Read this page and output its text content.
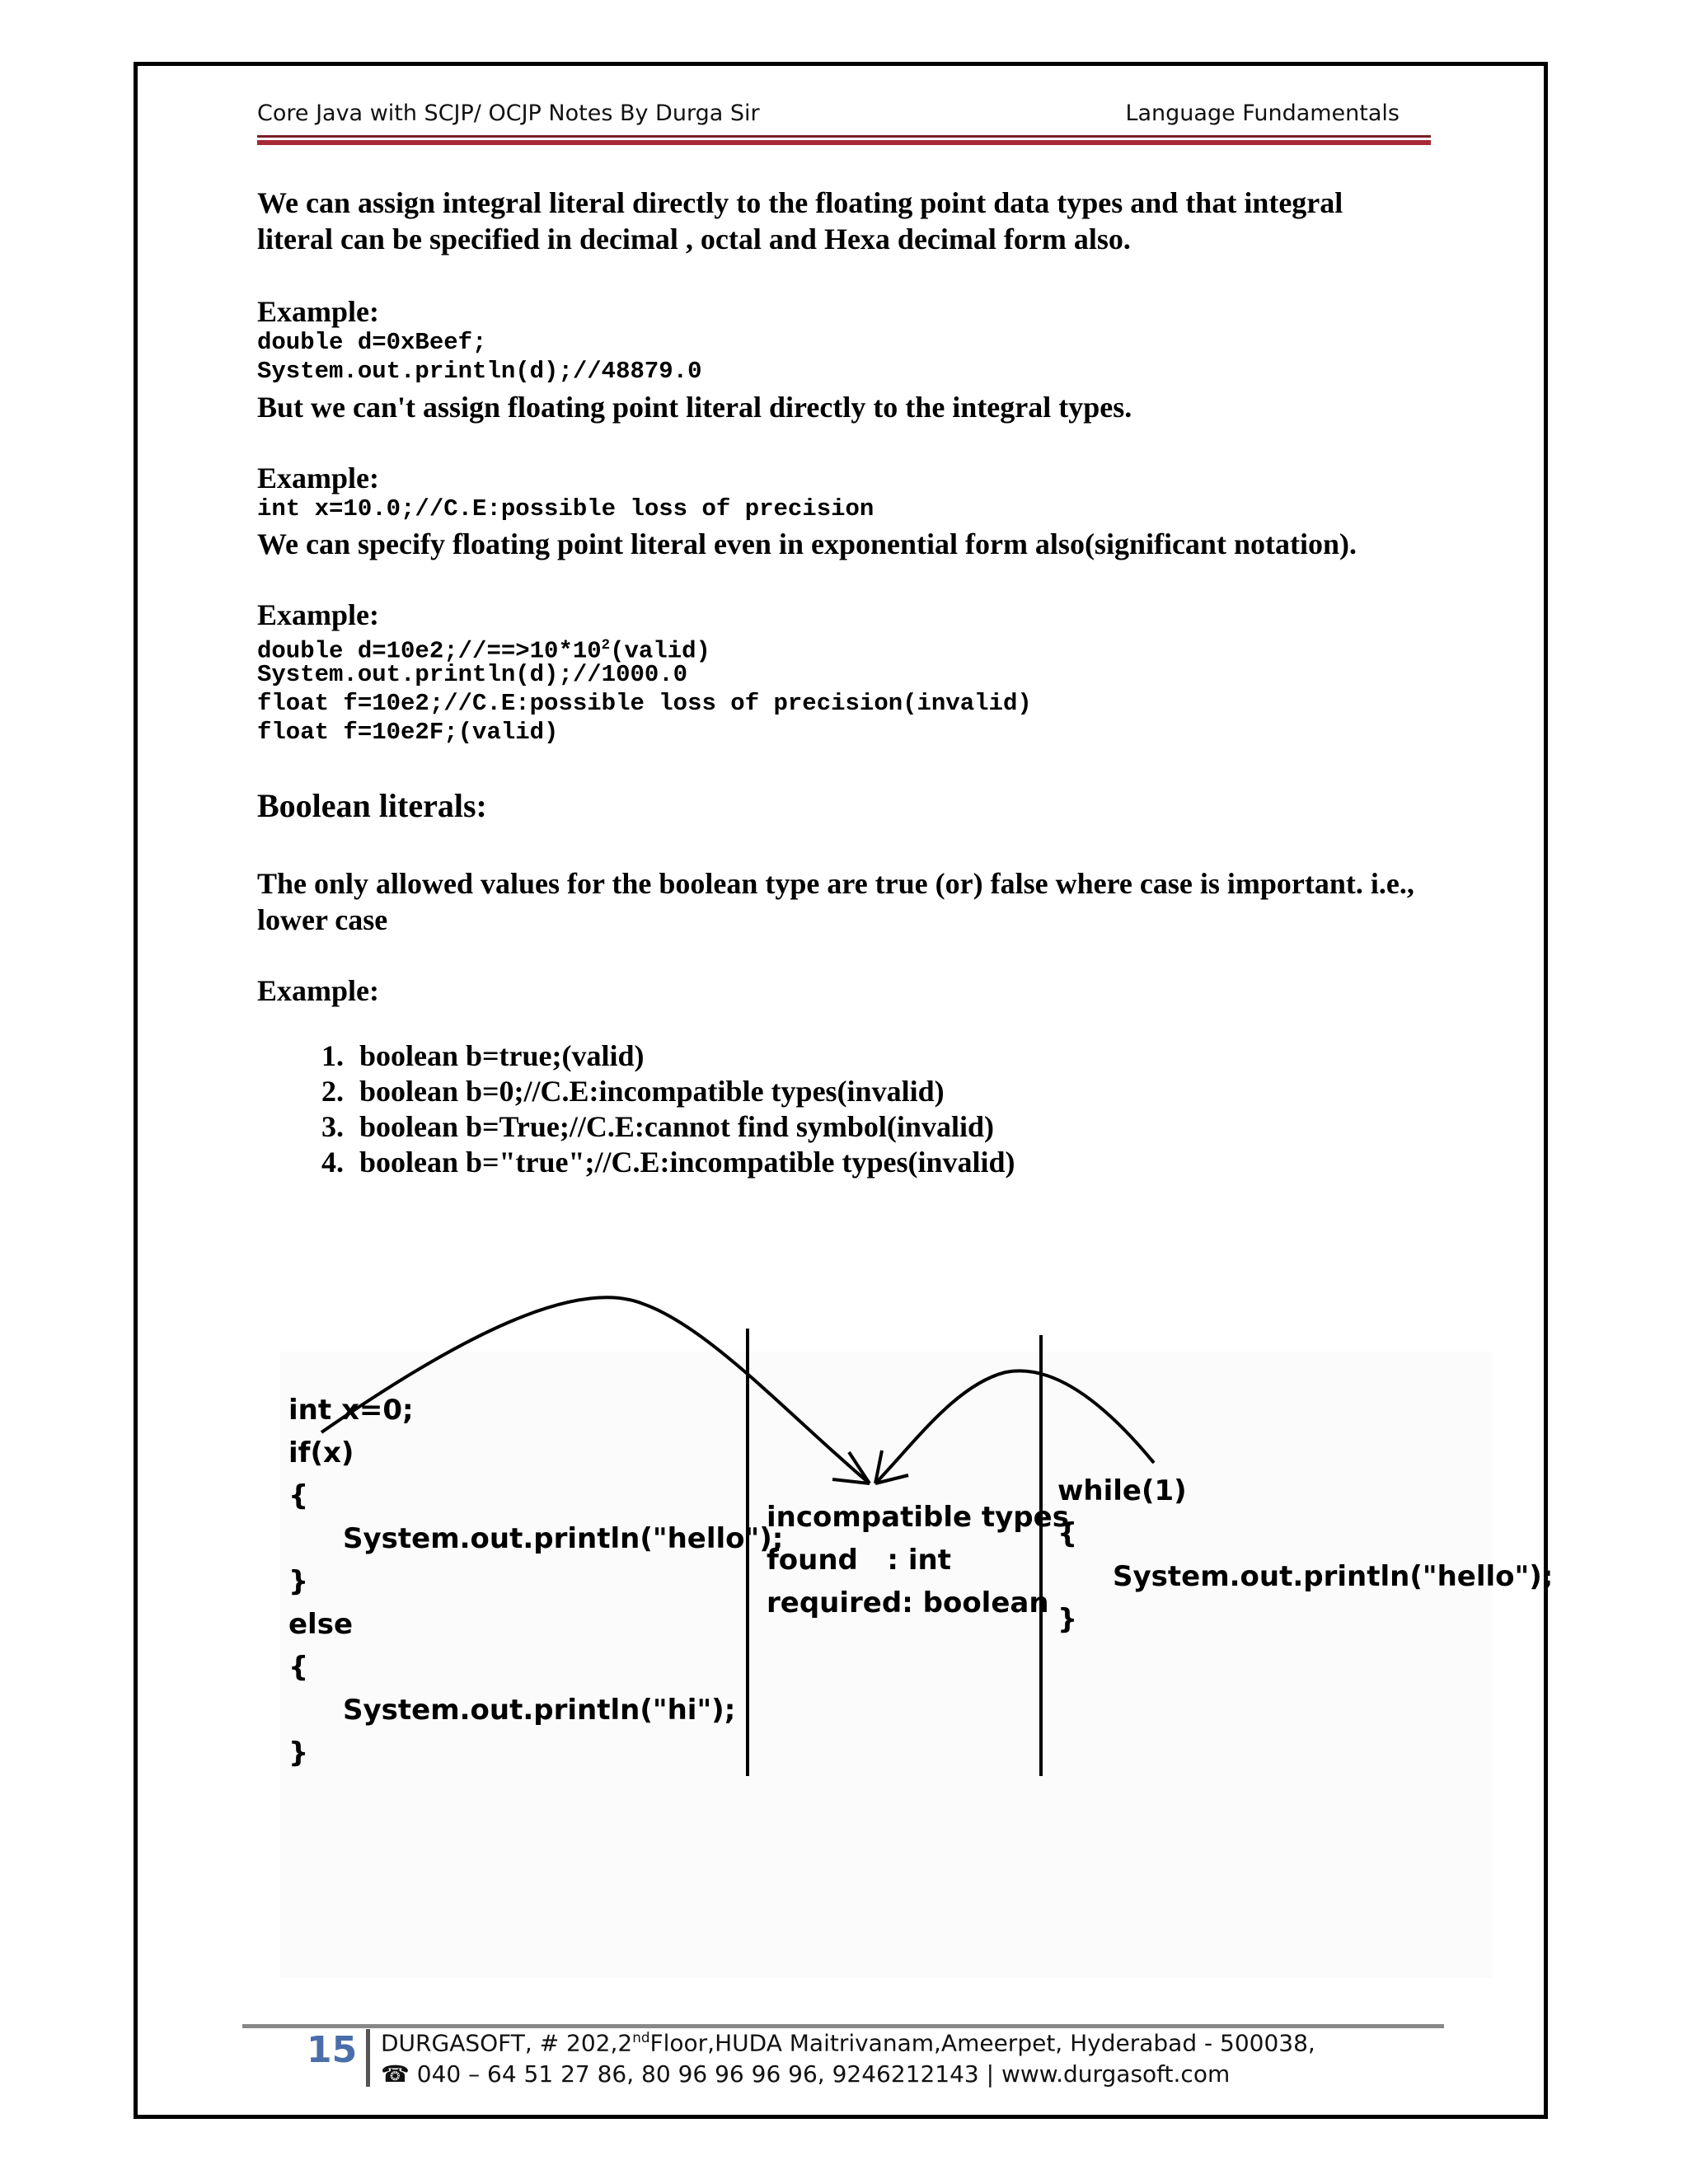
Core Java with SCJP/ OCJP Notes By Durga Sir	Language Fundamentals
We can assign integral literal directly to the floating point data types and that integral literal can be specified in decimal , octal and Hexa decimal form also.
Example:
double d=0xBeef;
System.out.println(d);//48879.0
But we can't assign floating point literal directly to the integral types.
Example:
int x=10.0;//C.E:possible loss of precision
We can specify floating point literal even in exponential form also(significant notation).
Example:
double $d=10e2;//==>10*10^2(valid)$
System.out.println(d);//1000.0
float f=10e2;//C.E:possible loss of precision(invalid)
float f=10e2F;(valid)
Boolean literals:
The only allowed values for the boolean type are true (or) false where case is important. i.e., lower case
Example:
1. boolean b=true;(valid)
2. boolean b=0;//C.E:incompatible types(invalid)
3. boolean b=True;//C.E:cannot find symbol(invalid)
4. boolean b="true";//C.E:incompatible types(invalid)
int x=0;
if(x)
{
System.out.println("hello");
}
else
{
System.out.println("hi");
}
incompatible types
found   : int
required: boolean
while(1)
{
System.out.println("hello");
}
15 DURGASOFT, # 202,2ndFloor,HUDA Maitrivanam,Ameerpet, Hyderabad - 500038,
☎ 040 – 64 51 27 86, 80 96 96 96 96, 9246212143 | www.durgasoft.com
